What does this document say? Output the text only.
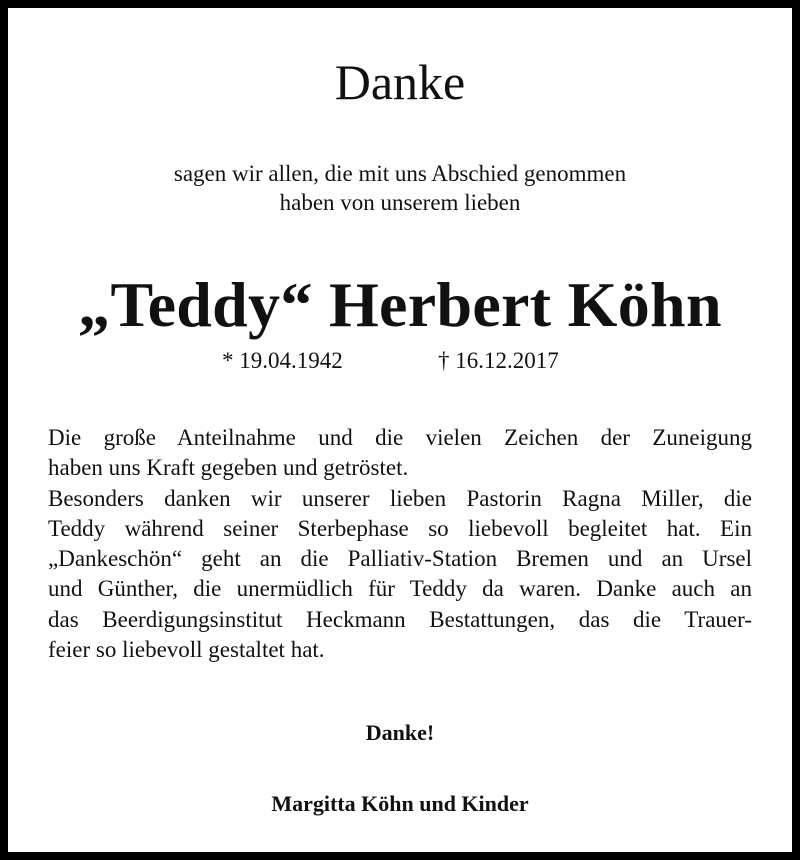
Danke
sagen wir allen, die mit uns Abschied genommen
haben von unserem lieben
„Teddy“ Herbert Köhn
* 19.04.1942	† 16.12.2017
Die große Anteilnahme und die vielen Zeichen der Zuneigung
haben uns Kraft gegeben und getröstet.
Besonders danken wir unserer lieben Pastorin Ragna Miller, die
Teddy während seiner Sterbephase so liebevoll begleitet hat. Ein
„Dankeschön“ geht an die Palliativ-Station Bremen und an Ursel
und Günther, die unermüdlich für Teddy da waren. Danke auch an
das Beerdigungsinstitut Heckmann Bestattungen, das die Trauer-
feier so liebevoll gestaltet hat.
Danke!
Margitta Köhn und Kinder
